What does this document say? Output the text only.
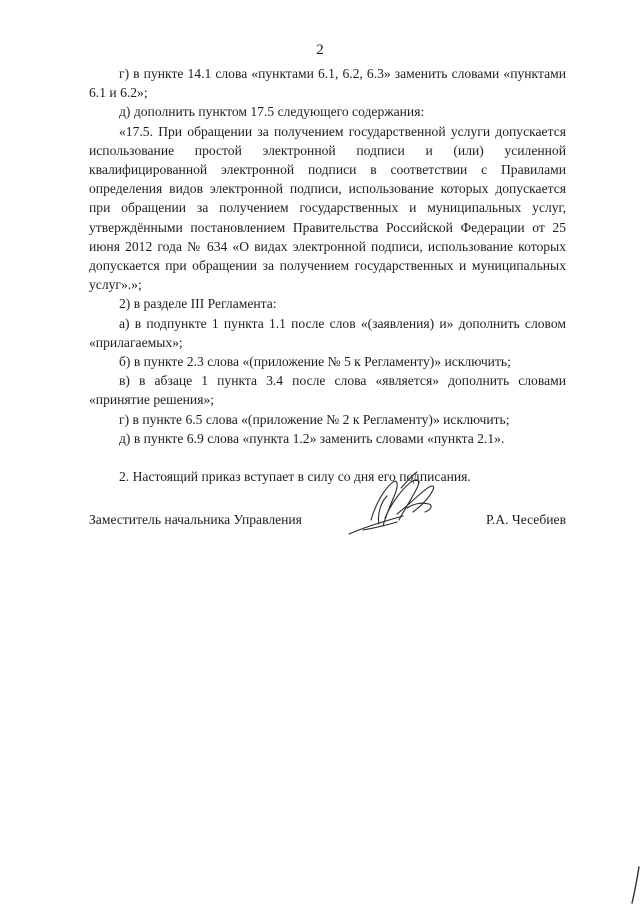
2

г) в пункте 14.1 слова «пунктами 6.1, 6.2, 6.3» заменить словами «пунктами 6.1 и 6.2»;

д) дополнить пунктом 17.5 следующего содержания:

«17.5. При обращении за получением государственной услуги допускается использование простой электронной подписи и (или) усиленной квалифицированной электронной подписи в соответствии с Правилами определения видов электронной подписи, использование которых допускается при обращении за получением государственных и муниципальных услуг, утверждёнными постановлением Правительства Российской Федерации от 25 июня 2012 года № 634 «О видах электронной подписи, использование которых допускается при обращении за получением государственных и муниципальных услуг».»;

2) в разделе III Регламента:

а) в подпункте 1 пункта 1.1 после слов «(заявления) и» дополнить словом «прилагаемых»;

б) в пункте 2.3 слова «(приложение № 5 к Регламенту)» исключить;

в) в абзаце 1 пункта 3.4 после слова «является» дополнить словами «принятие решения»;

г) в пункте 6.5 слова «(приложение № 2 к Регламенту)» исключить;

д) в пункте 6.9 слова «пункта 1.2» заменить словами «пункта 2.1».

2. Настоящий приказ вступает в силу со дня его подписания.

Заместитель начальника Управления	Р.А. Чесебиев
